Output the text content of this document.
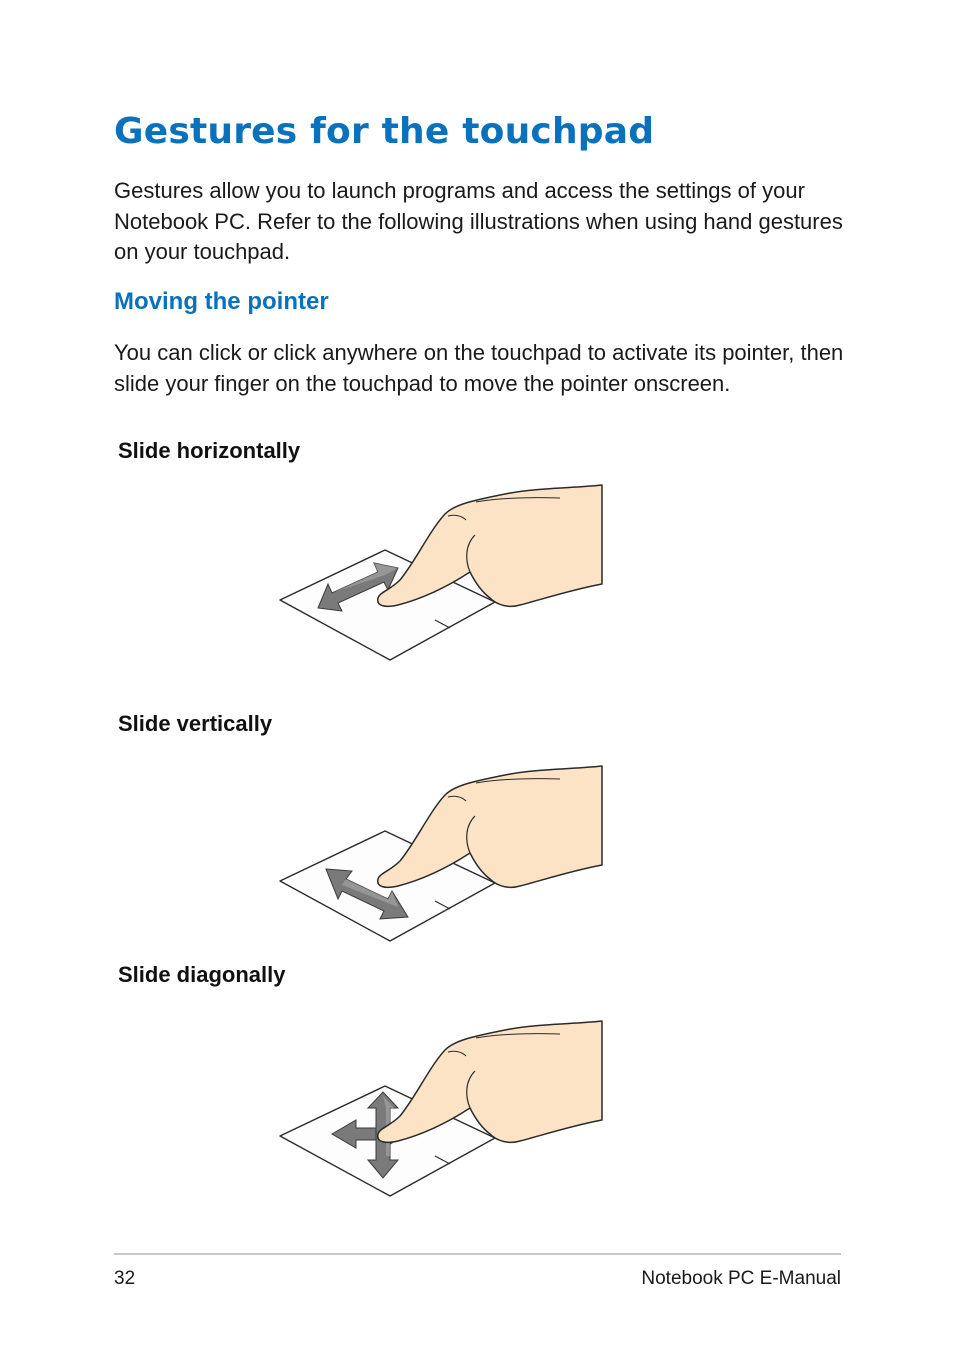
Gestures for the touchpad

Gestures allow you to launch programs and access the settings of your Notebook PC. Refer to the following illustrations when using hand gestures on your touchpad.

Moving the pointer

You can click or click anywhere on the touchpad to activate its pointer, then slide your finger on the touchpad to move the pointer onscreen.

Slide horizontally
Slide vertically
Slide diagonally
32	Notebook PC E-Manual
